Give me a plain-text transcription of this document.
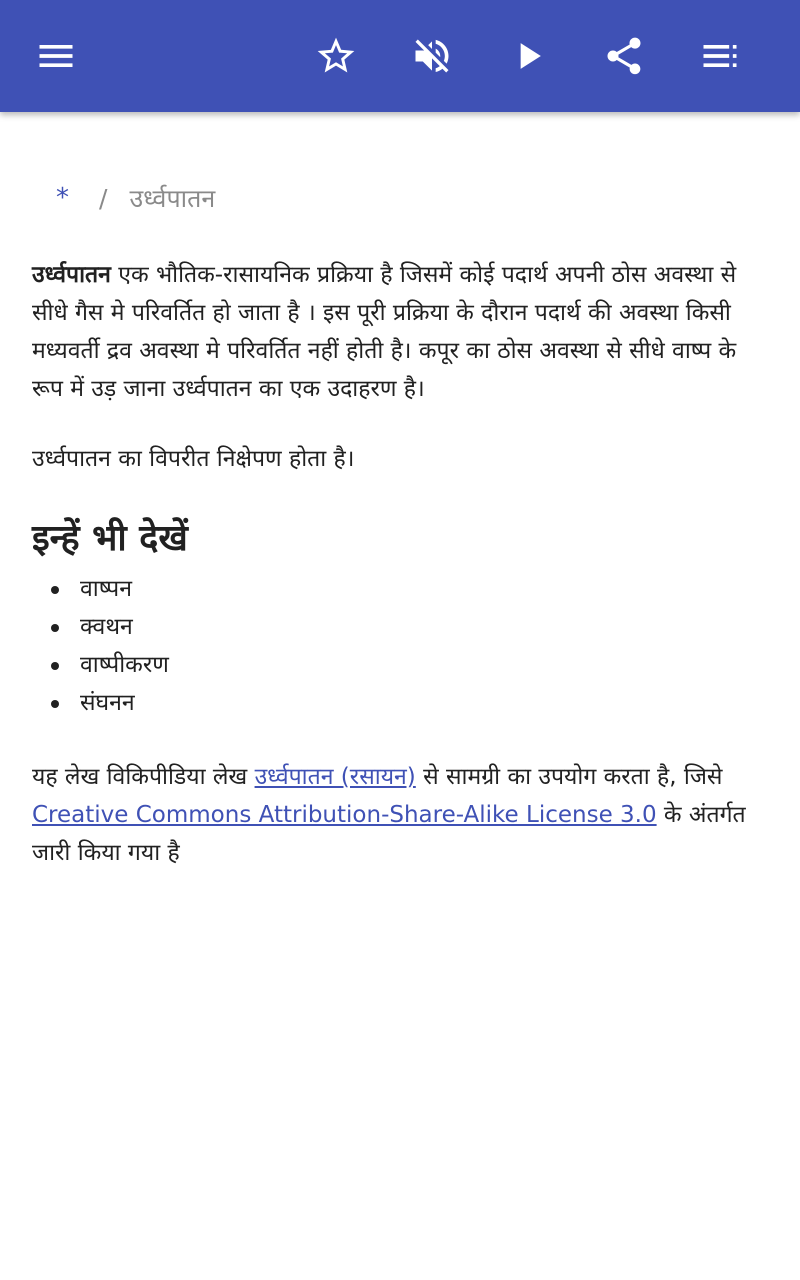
* / उर्ध्वपातन

उर्ध्वपातन एक भौतिक-रासायनिक प्रक्रिया है जिसमें कोई पदार्थ अपनी ठोस अवस्था से सीधे गैस मे परिवर्तित हो जाता है । इस पूरी प्रक्रिया के दौरान पदार्थ की अवस्था किसी मध्यवर्ती द्रव अवस्था मे परिवर्तित नहीं होती है। कपूर का ठोस अवस्था से सीधे वाष्प के रूप में उड़ जाना उर्ध्वपातन का एक उदाहरण है।

उर्ध्वपातन का विपरीत निक्षेपण होता है।

इन्हें भी देखें
वाष्पन
क्वथन
वाष्पीकरण
संघनन

यह लेख विकिपीडिया लेख उर्ध्वपातन (रसायन) से सामग्री का उपयोग करता है, जिसे Creative Commons Attribution-Share-Alike License 3.0 के अंतर्गत जारी किया गया है
